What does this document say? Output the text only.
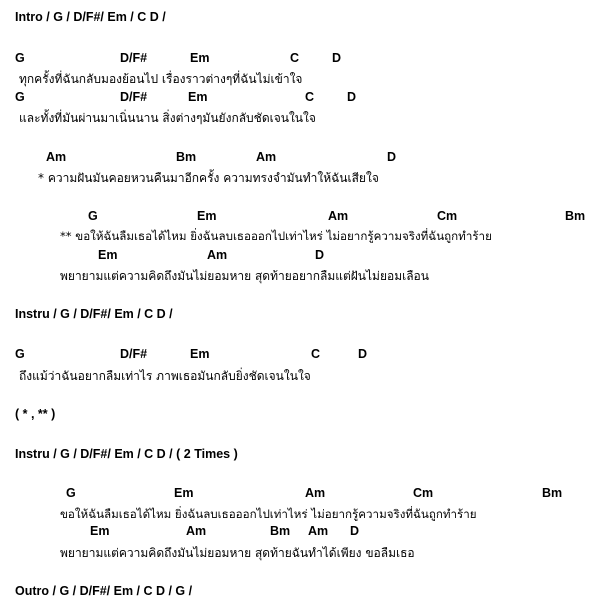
Intro / G / D/F#/ Em / C D /
G	D/F#	Em	C	D
ทุกครั้งที่ฉันกลับมองย้อนไป เรื่องราวต่างๆที่ฉันไม่เข้าใจ
G	D/F#	Em	C	D
และทั้งที่มันผ่านมาเนิ่นนาน สิ่งต่างๆมันยังกลับชัดเจนในใจ
Am	Bm	Am	D
* ความฝันมันคอยหวนคืนมาอีกครั้ง ความทรงจำมันทำให้ฉันเสียใจ
G	Em	Am	Cm	Bm
** ขอให้ฉันลืมเธอได้ไหม ยิ่งฉันลบเธอออกไปเท่าไหร่ ไม่อยากรู้ความจริงที่ฉันถูกทำร้าย
Em	Am	D
พยายามแต่ความคิดถึงมันไม่ยอมหาย สุดท้ายอยากลืมแต่ฝันไม่ยอมเลือน
Instru / G / D/F#/ Em / C D /
G	D/F#	Em	C	D
ถึงแม้ว่าฉันอยากลืมเท่าไร ภาพเธอมันกลับยิ่งชัดเจนในใจ
( * , ** )
Instru / G / D/F#/ Em / C D / ( 2 Times )
G	Em	Am	Cm	Bm
ขอให้ฉันลืมเธอได้ไหม ยิ่งฉันลบเธอออกไปเท่าไหร่ ไม่อยากรู้ความจริงที่ฉันถูกทำร้าย
Em	Am	Bm Am D
พยายามแต่ความคิดถึงมันไม่ยอมหาย สุดท้ายฉันทำได้เพียง ขอลืมเธอ
Outro / G / D/F#/ Em / C D / G /
